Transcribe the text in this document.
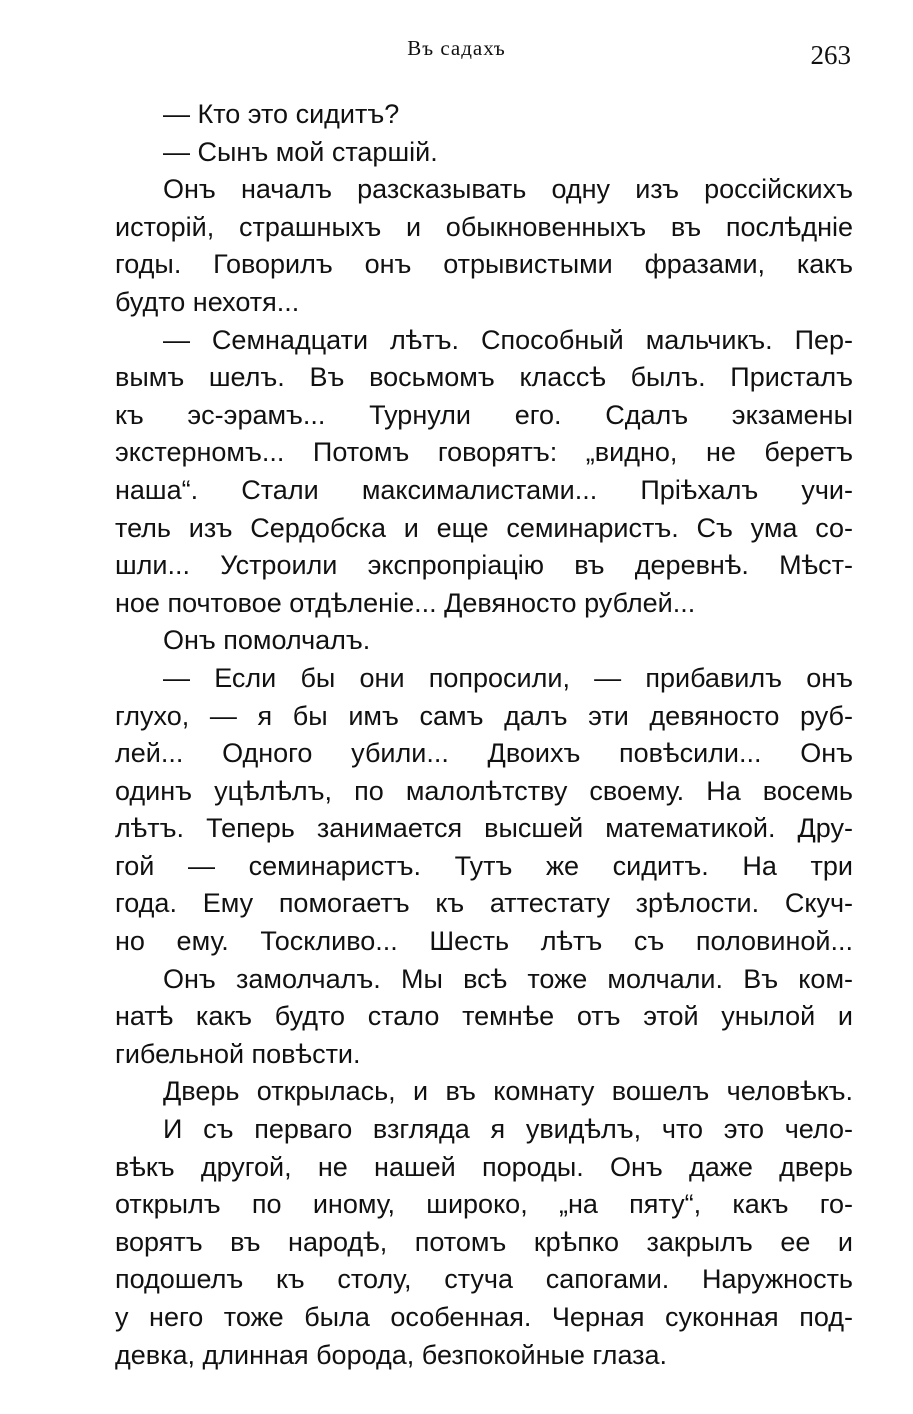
Въ садахъ	263
— Кто это сидитъ?
— Сынъ мой старшій.
Онъ началъ разсказывать одну изъ россійскихъ
исторій, страшныхъ и обыкновенныхъ въ послѣдніе
годы. Говорилъ онъ отрывистыми фразами, какъ
будто нехотя...
— Семнадцати лѣтъ. Способный мальчикъ. Пер-
вымъ шелъ. Въ восьмомъ классѣ былъ. Присталъ
къ эс-эрамъ... Турнули его. Сдалъ экзамены
экстерномъ... Потомъ говорятъ: „видно, не беретъ
наша“. Стали максималистами... Пріѣхалъ учи-
тель изъ Сердобска и еще семинаристъ. Съ ума со-
шли... Устроили экспропріацію въ деревнѣ. Мѣст-
ное почтовое отдѣленіе... Девяносто рублей...
Онъ помолчалъ.
— Если бы они попросили, — прибавилъ онъ
глухо, — я бы имъ самъ далъ эти девяносто руб-
лей... Одного убили... Двоихъ повѣсили... Онъ
одинъ уцѣлѣлъ, по малолѣтству своему. На восемь
лѣтъ. Теперь занимается высшей математикой. Дру-
гой — семинаристъ. Тутъ же сидитъ. На три
года. Ему помогаетъ къ аттестату зрѣлости. Скуч-
но ему. Тоскливо... Шесть лѣтъ съ половиной...
Онъ замолчалъ. Мы всѣ тоже молчали. Въ ком-
натѣ какъ будто стало темнѣе отъ этой унылой и
гибельной повѣсти.
Дверь открылась, и въ комнату вошелъ человѣкъ.
И съ перваго взгляда я увидѣлъ, что это чело-
вѣкъ другой, не нашей породы. Онъ даже дверь
открылъ по иному, широко, „на пяту“, какъ го-
ворятъ въ народѣ, потомъ крѣпко закрылъ ее и
подошелъ къ столу, стуча сапогами. Наружность
у него тоже была особенная. Черная суконная под-
девка, длинная борода, безпокойные глаза.
